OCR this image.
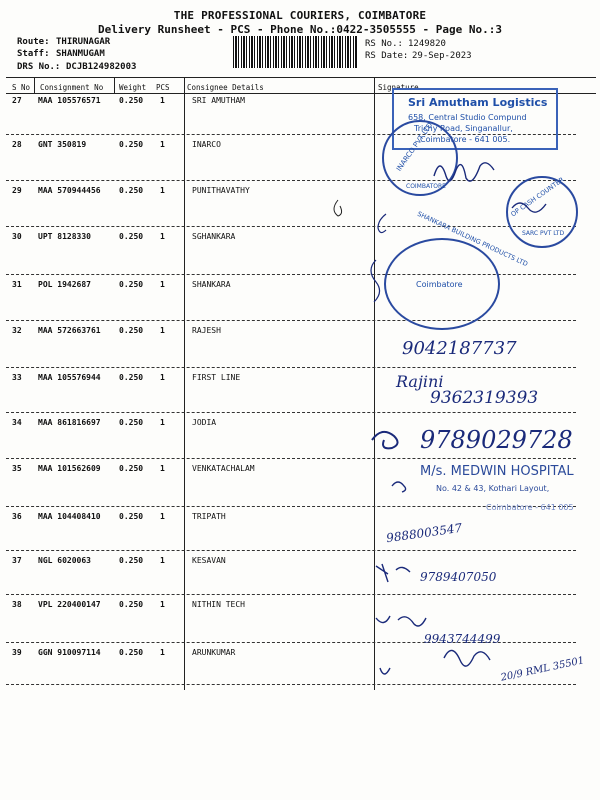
THE PROFESSIONAL COURIERS, COIMBATORE
Delivery Runsheet - PCS - Phone No.:0422-3505555 - Page No.:3
Route: THIRUNAGAR
Staff: SHANMUGAM
DRS No.: DCJB124982003
RS No.: 1249820
RS Date: 29-Sep-2023
S No Consignment No Weight PCS Consignee Details	Signature
27 MAA 105576571 0.250 1	SRI AMUTHAM
28 GNT 350819	0.250 1	INARCO
29 MAA 570944456 0.250 1	PUNITHAVATHY
30 UPT 8128330	0.250 1	SGHANKARA
31 POL 1942687	0.250 1	SHANKARA
32 MAA 572663761 0.250 1	RAJESH
33 MAA 105576944 0.250 1	FIRST LINE
34 MAA 861816697 0.250 1	JODIA
35 MAA 101562609 0.250 1	VENKATACHALAM
36 MAA 104408410 0.250 1	TRIPATH
37 NGL 6020063	0.250 1	KESAVAN
38 VPL 220400147 0.250 1	NITHIN TECH
39 GGN 910097114 0.250 1	ARUNKUMAR
Sri Amutham Logistics
658, Central Studio Compund
Trichy Road, Singanallur,
Coimbatore - 641 005.
INARCO PVT LTD
COIMBATORE	OP CASH COUNTER
SARC PVT LTD
SHANKARA BUILDING PRODUCTS LTD
Coimbatore
M/s. MEDWIN HOSPITAL
No. 42 & 43, Kothari Layout,
Coimbatore - 641 005
9042187737
Rajini
9362319393
9789029728
9888003547
9789407050
9943744499
20/9 RML 35501
